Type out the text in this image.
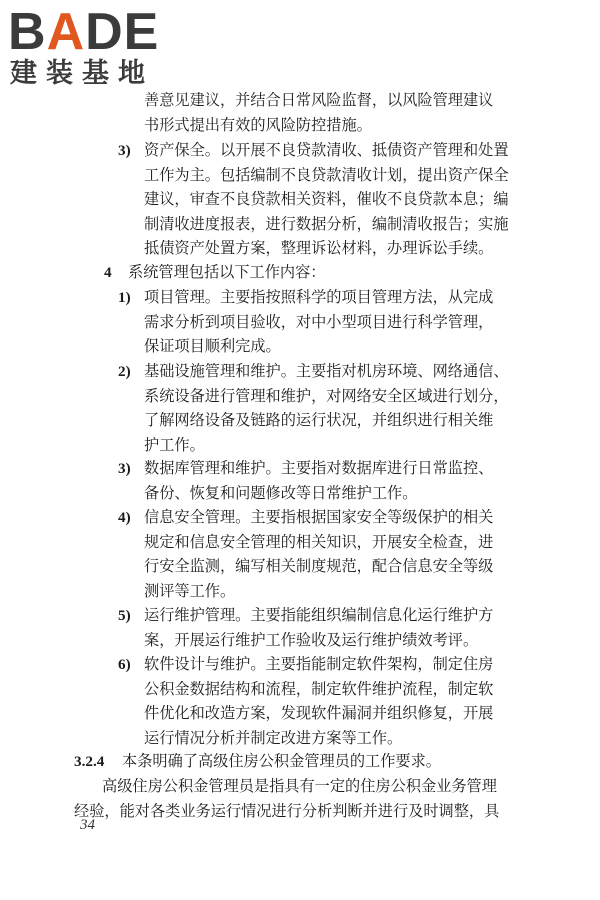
BADE
建装基地
善意见建议，并结合日常风险监督，以风险管理建议
书形式提出有效的风险防控措施。
3) 资产保全。以开展不良贷款清收、抵债资产管理和处置
工作为主。包括编制不良贷款清收计划，提出资产保全
建议，审查不良贷款相关资料，催收不良贷款本息；编
制清收进度报表，进行数据分析，编制清收报告；实施
抵债资产处置方案，整理诉讼材料，办理诉讼手续。
4 系统管理包括以下工作内容：
1) 项目管理。主要指按照科学的项目管理方法，从完成
需求分析到项目验收，对中小型项目进行科学管理，
保证项目顺利完成。
2) 基础设施管理和维护。主要指对机房环境、网络通信、
系统设备进行管理和维护，对网络安全区域进行划分，
了解网络设备及链路的运行状况，并组织进行相关维
护工作。
3) 数据库管理和维护。主要指对数据库进行日常监控、
备份、恢复和问题修改等日常维护工作。
4) 信息安全管理。主要指根据国家安全等级保护的相关
规定和信息安全管理的相关知识，开展安全检查，进
行安全监测，编写相关制度规范，配合信息安全等级
测评等工作。
5) 运行维护管理。主要指能组织编制信息化运行维护方
案，开展运行维护工作验收及运行维护绩效考评。
6) 软件设计与维护。主要指能制定软件架构，制定住房
公积金数据结构和流程，制定软件维护流程，制定软
件优化和改造方案，发现软件漏洞并组织修复，开展
运行情况分析并制定改进方案等工作。
3.2.4 本条明确了高级住房公积金管理员的工作要求。
高级住房公积金管理员是指具有一定的住房公积金业务管理
经验，能对各类业务运行情况进行分析判断并进行及时调整，具
34
